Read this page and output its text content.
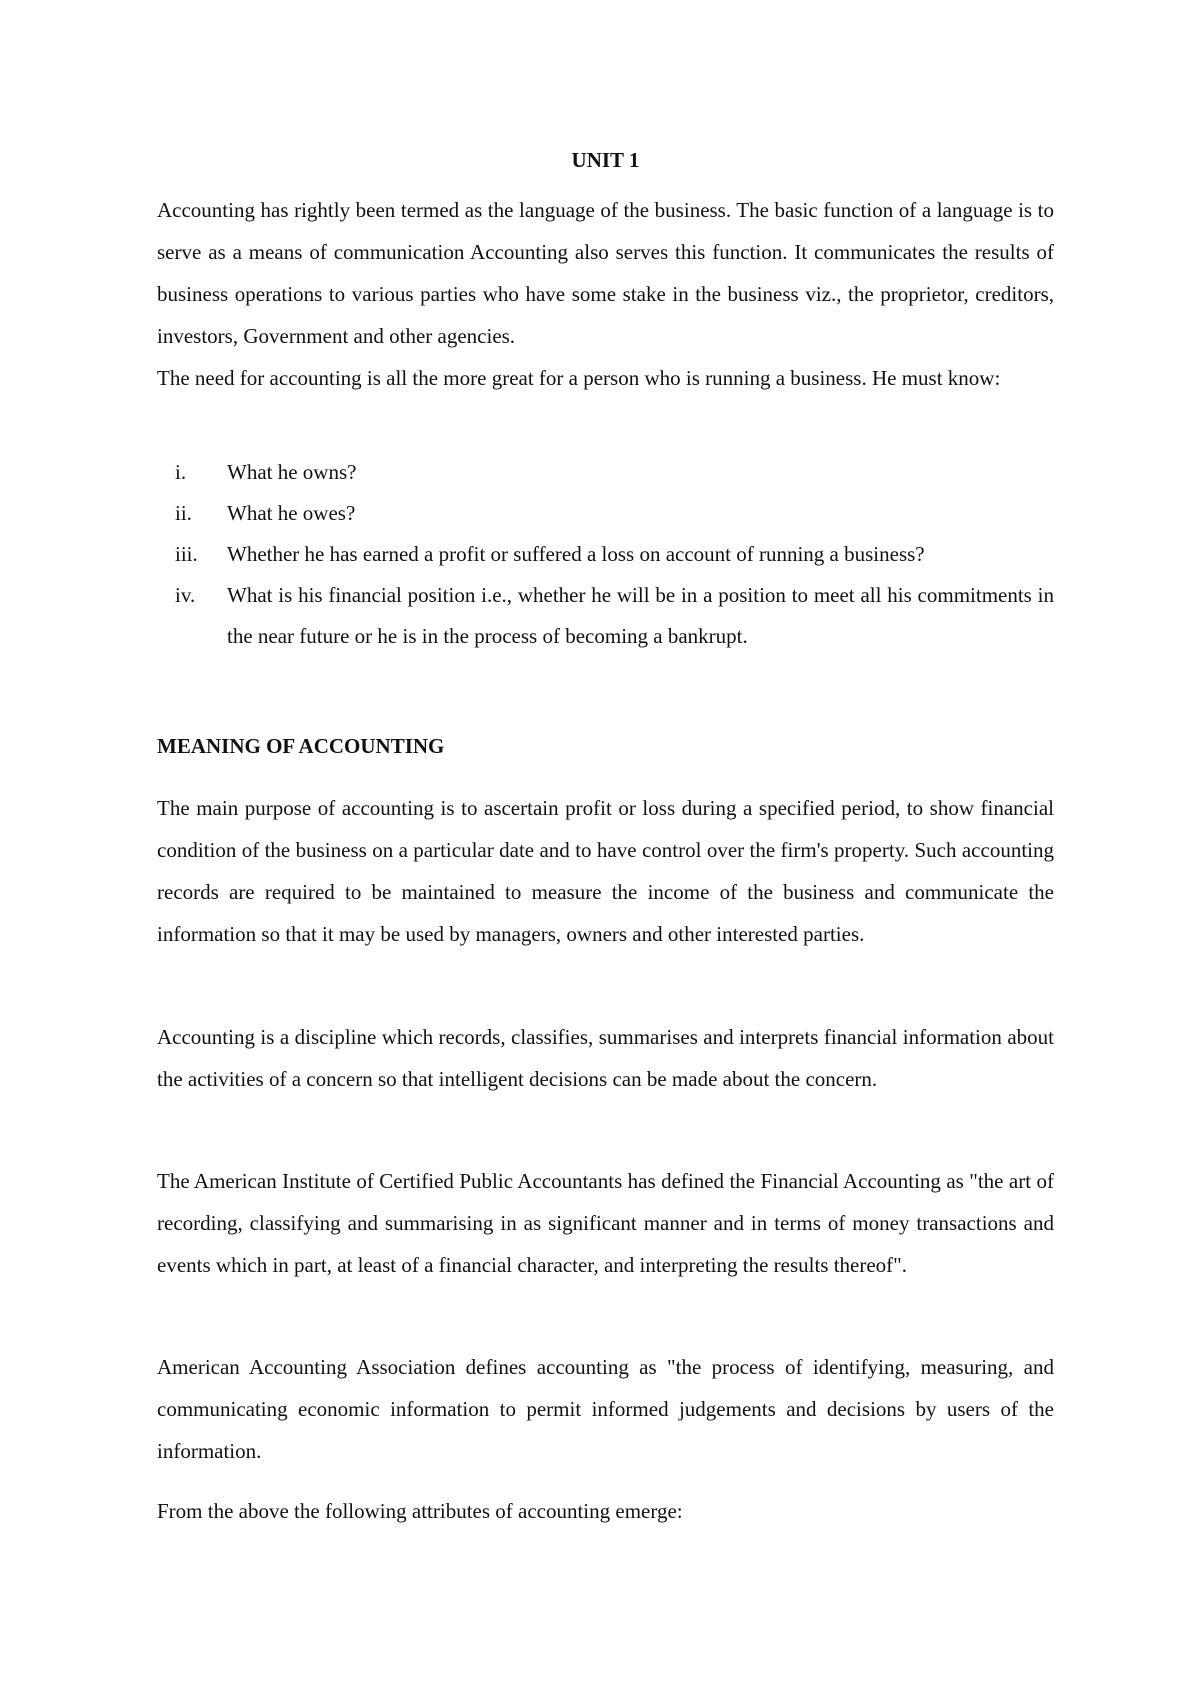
UNIT 1

Accounting has rightly been termed as the language of the business. The basic function of a language is to serve as a means of communication Accounting also serves this function. It communicates the results of business operations to various parties who have some stake in the business viz., the proprietor, creditors, investors, Government and other agencies.

The need for accounting is all the more great for a person who is running a business. He must know:

i.	What he owns?
ii.	What he owes?
iii.	Whether he has earned a profit or suffered a loss on account of running a business?
iv.	What is his financial position i.e., whether he will be in a position to meet all his commitments in the near future or he is in the process of becoming a bankrupt.
MEANING OF ACCOUNTING

The main purpose of accounting is to ascertain profit or loss during a specified period, to show financial condition of the business on a particular date and to have control over the firm's property. Such accounting records are required to be maintained to measure the income of the business and communicate the information so that it may be used by managers, owners and other interested parties.

Accounting is a discipline which records, classifies, summarises and interprets financial information about the activities of a concern so that intelligent decisions can be made about the concern.

The American Institute of Certified Public Accountants has defined the Financial Accounting as "the art of recording, classifying and summarising in as significant manner and in terms of money transactions and events which in part, at least of a financial character, and interpreting the results thereof".

American Accounting Association defines accounting as "the process of identifying, measuring, and communicating economic information to permit informed judgements and decisions by users of the information.

From the above the following attributes of accounting emerge:
